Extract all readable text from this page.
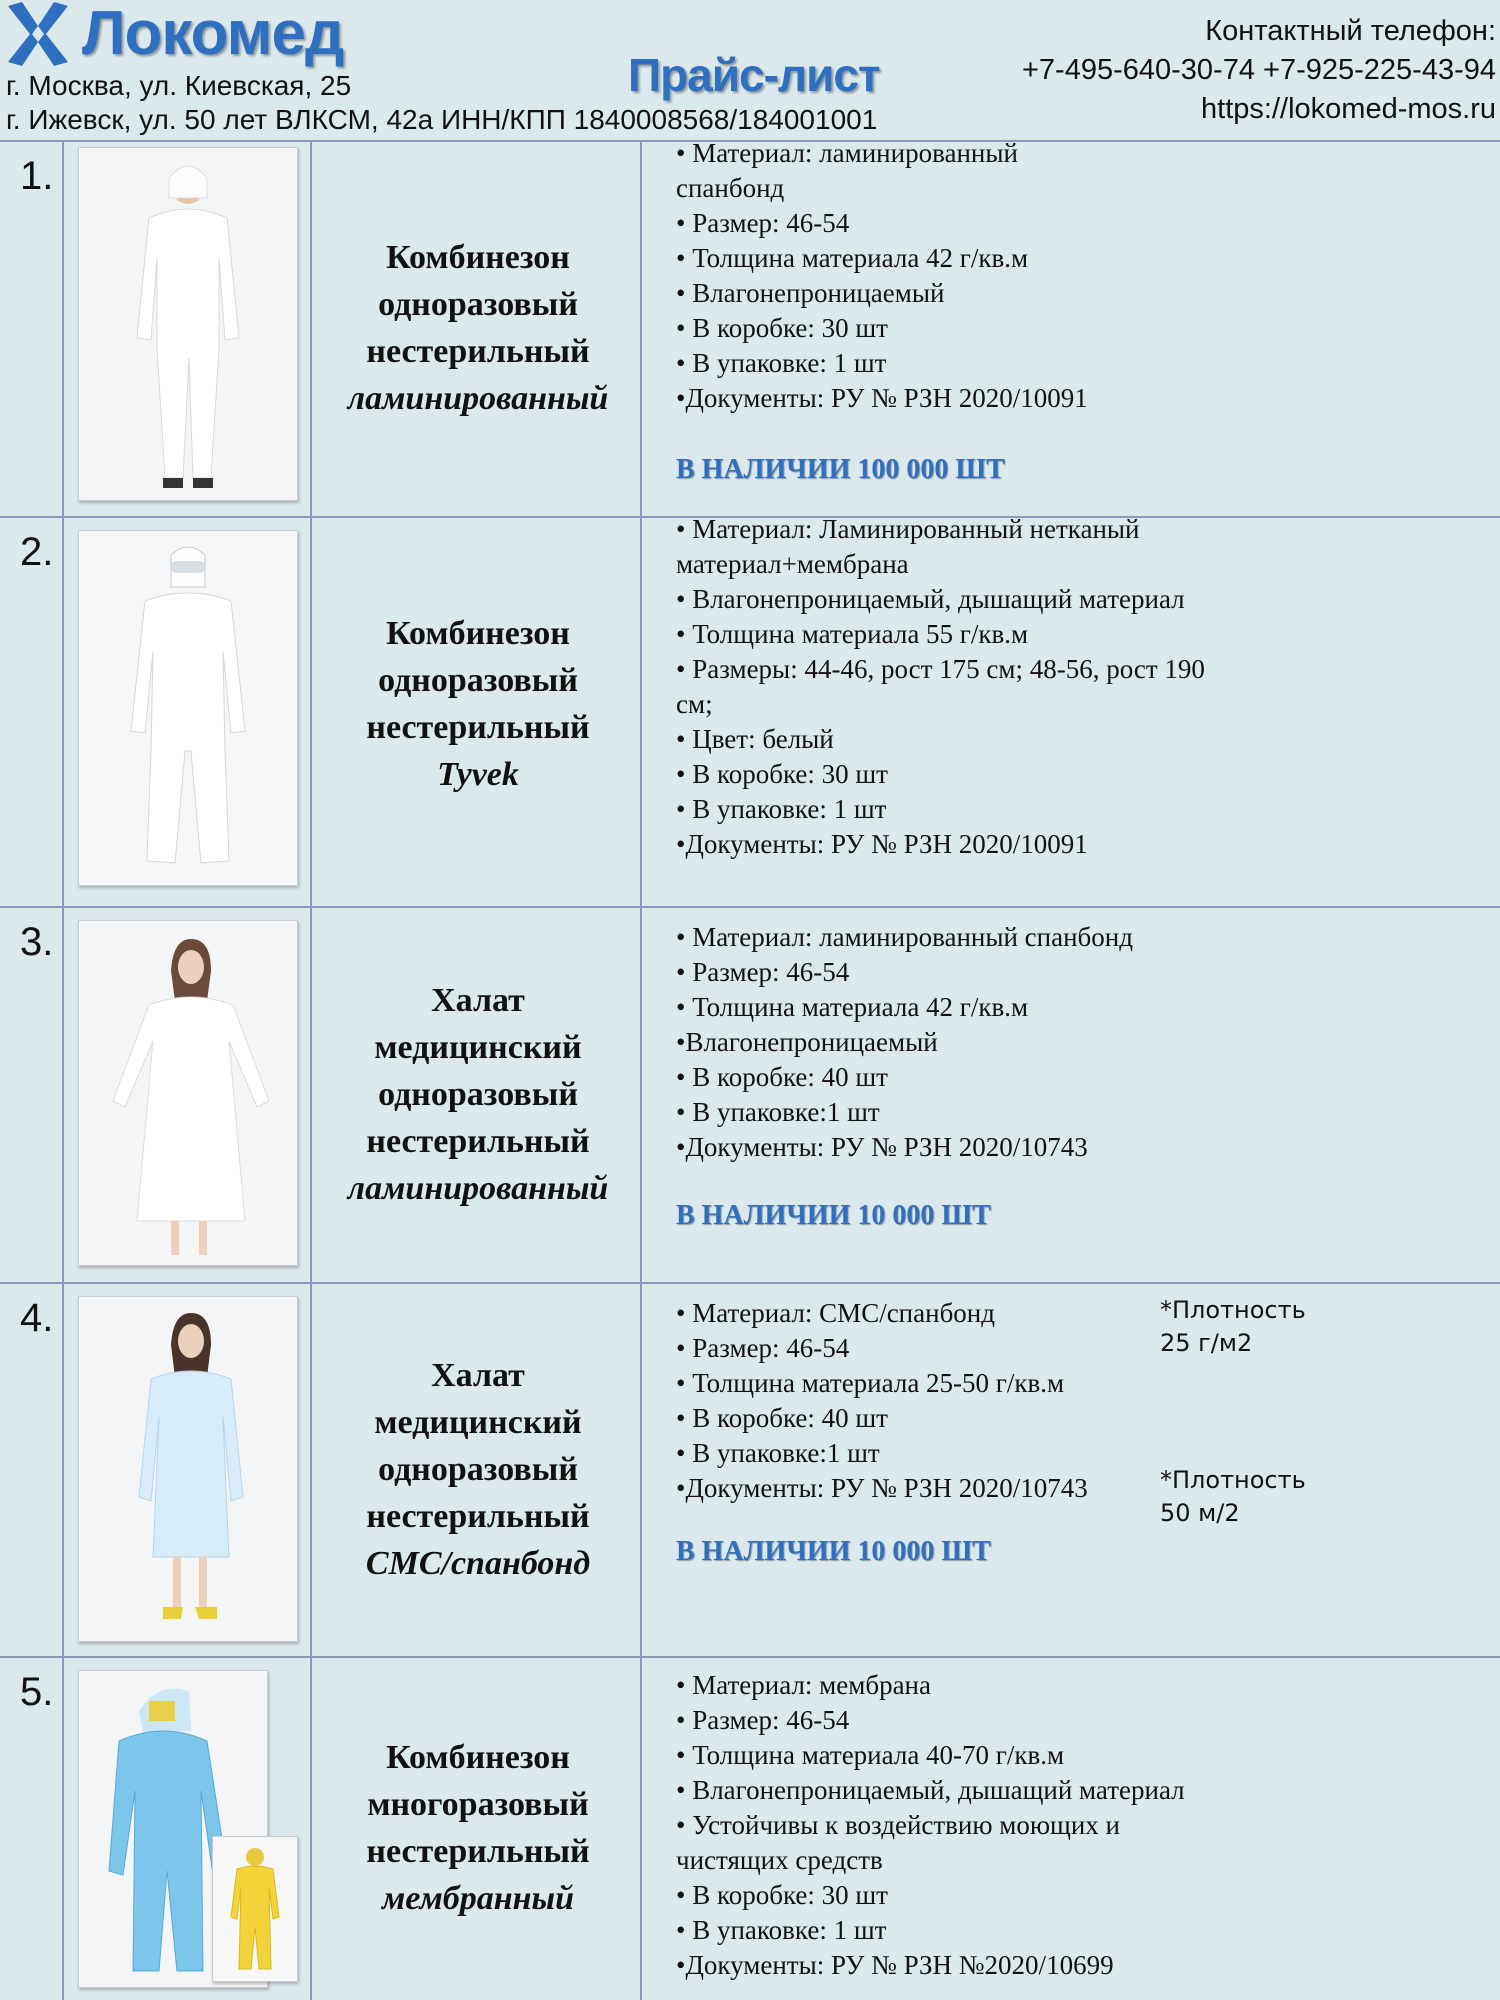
Локомед
г. Москва, ул. Киевская, 25
г. Ижевск, ул. 50 лет ВЛКСМ, 42а ИНН/КПП 1840008568/184001001
Прайс-лист
Контактный телефон:
+7-495-640-30-74 +7-925-225-43-94
https://lokomed-mos.ru
1.
Комбинезон
одноразовый
нестерильный
ламинированный
• Материал: ламинированный
спанбонд
• Размер: 46-54
• Толщина материала 42 г/кв.м
• Влагонепроницаемый
• В коробке: 30 шт
• В упаковке: 1 шт
•Документы: РУ № РЗН 2020/10091
В НАЛИЧИИ 100 000 ШТ
2.
Комбинезон
одноразовый
нестерильный
Tyvek
• Материал: Ламинированный нетканый
материал+мембрана
• Влагонепроницаемый, дышащий материал
• Толщина материала 55 г/кв.м
• Размеры: 44-46, рост 175 см; 48-56, рост 190
см;
• Цвет: белый
• В коробке: 30 шт
• В упаковке: 1 шт
•Документы: РУ № РЗН 2020/10091
3.
Халат
медицинский
одноразовый
нестерильный
ламинированный
• Материал: ламинированный спанбонд
• Размер: 46-54
• Толщина материала 42 г/кв.м
•Влагонепроницаемый
• В коробке: 40 шт
• В упаковке:1 шт
•Документы: РУ № РЗН 2020/10743
В НАЛИЧИИ 10 000 ШТ
4.
Халат
медицинский
одноразовый
нестерильный
СМС/спанбонд
• Материал: СМС/спанбонд
• Размер: 46-54
• Толщина материала 25-50 г/кв.м
• В коробке: 40 шт
• В упаковке:1 шт
•Документы: РУ № РЗН 2020/10743
*Плотность
25 г/м2
*Плотность
50 м/2
В НАЛИЧИИ 10 000 ШТ
5.
Комбинезон
многоразовый
нестерильный
мембранный
• Материал: мембрана
• Размер: 46-54
• Толщина материала 40-70 г/кв.м
• Влагонепроницаемый, дышащий материал
• Устойчивы к воздействию моющих и
чистящих средств
• В коробке: 30 шт
• В упаковке: 1 шт
•Документы: РУ № РЗН №2020/10699
